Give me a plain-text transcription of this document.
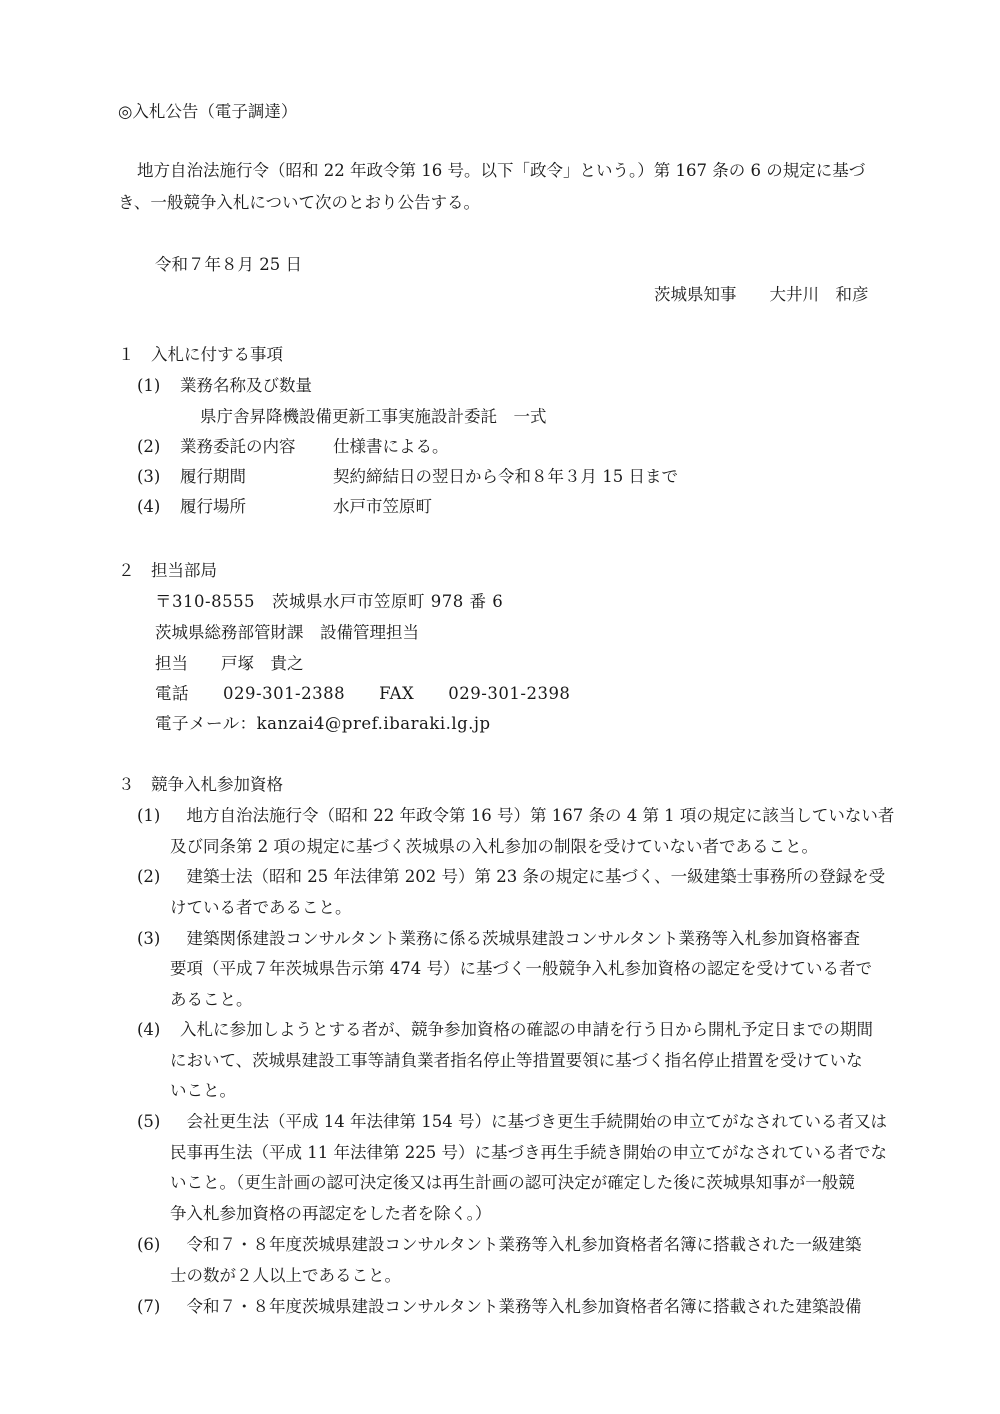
◎入札公告（電子調達）
地方自治法施行令（昭和 22 年政令第 16 号。以下「政令」という。）第 167 条の 6 の規定に基づ
き、一般競争入札について次のとおり公告する。
令和７年８月 25 日
茨城県知事　　大井川　和彦
１　入札に付する事項
(1) 業務名称及び数量
県庁舎昇降機設備更新工事実施設計委託　一式
(2) 業務委託の内容 仕様書による。
(3) 履行期間	契約締結日の翌日から令和８年３月 15 日まで
(4) 履行場所	水戸市笠原町
２　担当部局
〒310-8555　茨城県水戸市笠原町 978 番 6
茨城県総務部管財課　設備管理担当
担当　　戸塚　貴之
電話　　029-301-2388　　FAX　　029-301-2398
電子メール：kanzai4@pref.ibaraki.lg.jp
３　競争入札参加資格
(1) 　地方自治法施行令（昭和 22 年政令第 16 号）第 167 条の 4 第 1 項の規定に該当していない者
及び同条第 2 項の規定に基づく茨城県の入札参加の制限を受けていない者であること。
(2) 　建築士法（昭和 25 年法律第 202 号）第 23 条の規定に基づく、一級建築士事務所の登録を受
けている者であること。
(3) 　建築関係建設コンサルタント業務に係る茨城県建設コンサルタント業務等入札参加資格審査
要項（平成７年茨城県告示第 474 号）に基づく一般競争入札参加資格の認定を受けている者で
あること。
(4) 入札に参加しようとする者が、競争参加資格の確認の申請を行う日から開札予定日までの期間
において、茨城県建設工事等請負業者指名停止等措置要領に基づく指名停止措置を受けていな
いこと。
(5) 　会社更生法（平成 14 年法律第 154 号）に基づき更生手続開始の申立てがなされている者又は
民事再生法（平成 11 年法律第 225 号）に基づき再生手続き開始の申立てがなされている者でな
いこと。（更生計画の認可決定後又は再生計画の認可決定が確定した後に茨城県知事が一般競
争入札参加資格の再認定をした者を除く。）
(6) 　令和７・８年度茨城県建設コンサルタント業務等入札参加資格者名簿に搭載された一級建築
士の数が２人以上であること。
(7) 　令和７・８年度茨城県建設コンサルタント業務等入札参加資格者名簿に搭載された建築設備
